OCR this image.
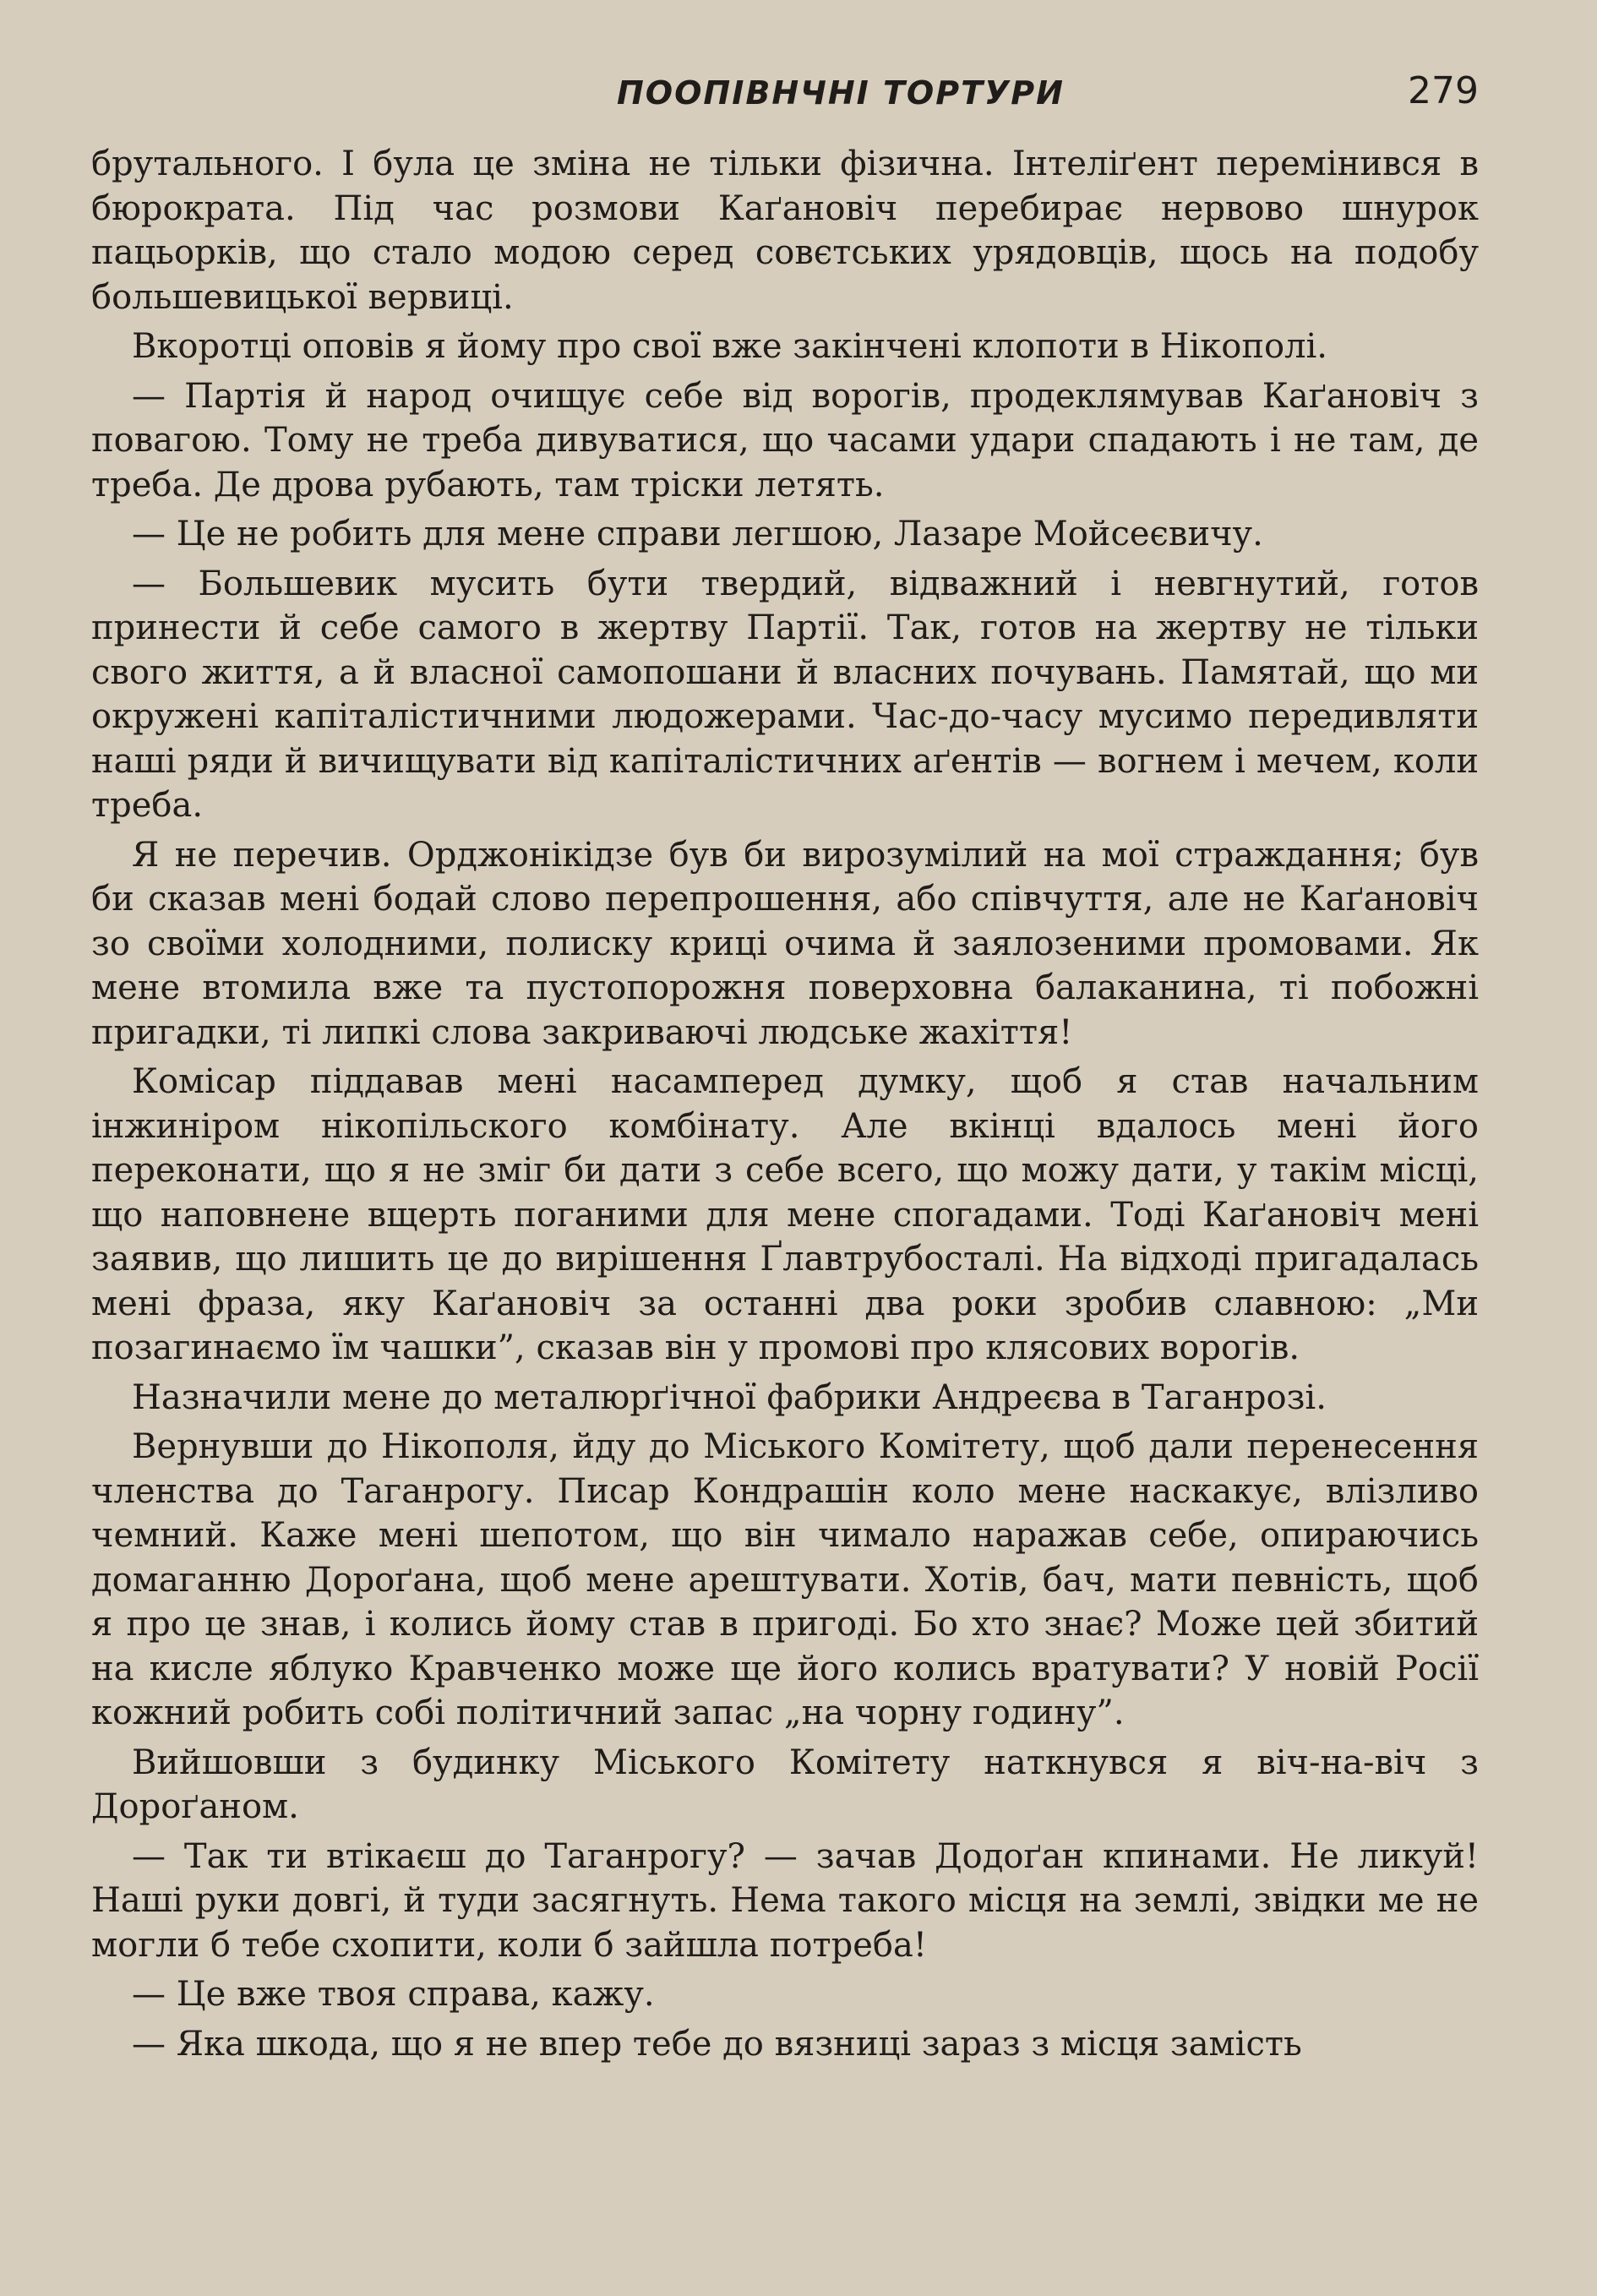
ПООПІВНЧНІ ТОРТУРИ	279

брутального. І була це зміна не тільки фізична. Інтеліґент перемінився в бюрократа. Під час розмови Каґановіч перебирає нервово шнурок пацьорків, що стало модою серед совєтських урядовців, щось на подобу большевицької вервиці.

Вкоротці оповів я йому про свої вже закінчені клопоти в Нікополі.

— Партія й народ очищує себе від ворогів, продеклямував Каґановіч з повагою. Тому не треба дивуватися, що часами удари спадають і не там, де треба. Де дрова рубають, там тріски летять.

— Це не робить для мене справи легшою, Лазаре Мойсеєвичу.

— Большевик мусить бути твердий, відважний і невгнутий, готов принести й себе самого в жертву Партії. Так, готов на жертву не тільки свого життя, а й власної самопошани й власних почувань. Памятай, що ми окружені капіталістичними людожерами. Час-до-часу мусимо передивляти наші ряди й вичищувати від капіталістичних аґентів — вогнем і мечем, коли треба.

Я не перечив. Орджонікідзе був би вирозумілий на мої страждання; був би сказав мені бодай слово перепрошення, або співчуття, але не Каґановіч зо своїми холодними, полиску криці очима й заялозеними промовами. Як мене втомила вже та пустопорожня поверховна балаканина, ті побожні пригадки, ті липкі слова закриваючі людське жахіття!

Комісар піддавав мені насамперед думку, щоб я став начальним інжиніром нікопільского комбінату. Але вкінці вдалось мені його переконати, що я не зміг би дати з себе всего, що можу дати, у такім місці, що наповнене вщерть поганими для мене спогадами. Тоді Каґановіч мені заявив, що лишить це до вирішення Ґлавтрубосталі. На відході пригадалась мені фраза, яку Каґановіч за останні два роки зробив славною: „Ми позагинаємо їм чашки”, сказав він у промові про клясових ворогів.

Назначили мене до металюрґічної фабрики Андреєва в Таганрозі.

Вернувши до Нікополя, йду до Міського Комітету, щоб дали перенесення членства до Таганрогу. Писар Кондрашін коло мене наскакує, влізливо чемний. Каже мені шепотом, що він чимало наражав себе, опираючись домаганню Дороґана, щоб мене арештувати. Хотів, бач, мати певність, щоб я про це знав, і колись йому став в пригоді. Бо хто знає? Може цей збитий на кисле яблуко Кравченко може ще його колись вратувати? У новій Росії кожний робить собі політичний запас „на чорну годину”.

Вийшовши з будинку Міського Комітету наткнувся я віч-на-віч з Дороґаном.

— Так ти втікаєш до Таганрогу? — зачав Додоґан кпинами. Не ликуй! Наші руки довгі, й туди засягнуть. Нема такого місця на землі, звідки ме не могли б тебе схопити, коли б зайшла потреба!

— Це вже твоя справа, кажу.

— Яка шкода, що я не впер тебе до вязниці зараз з місця замість
